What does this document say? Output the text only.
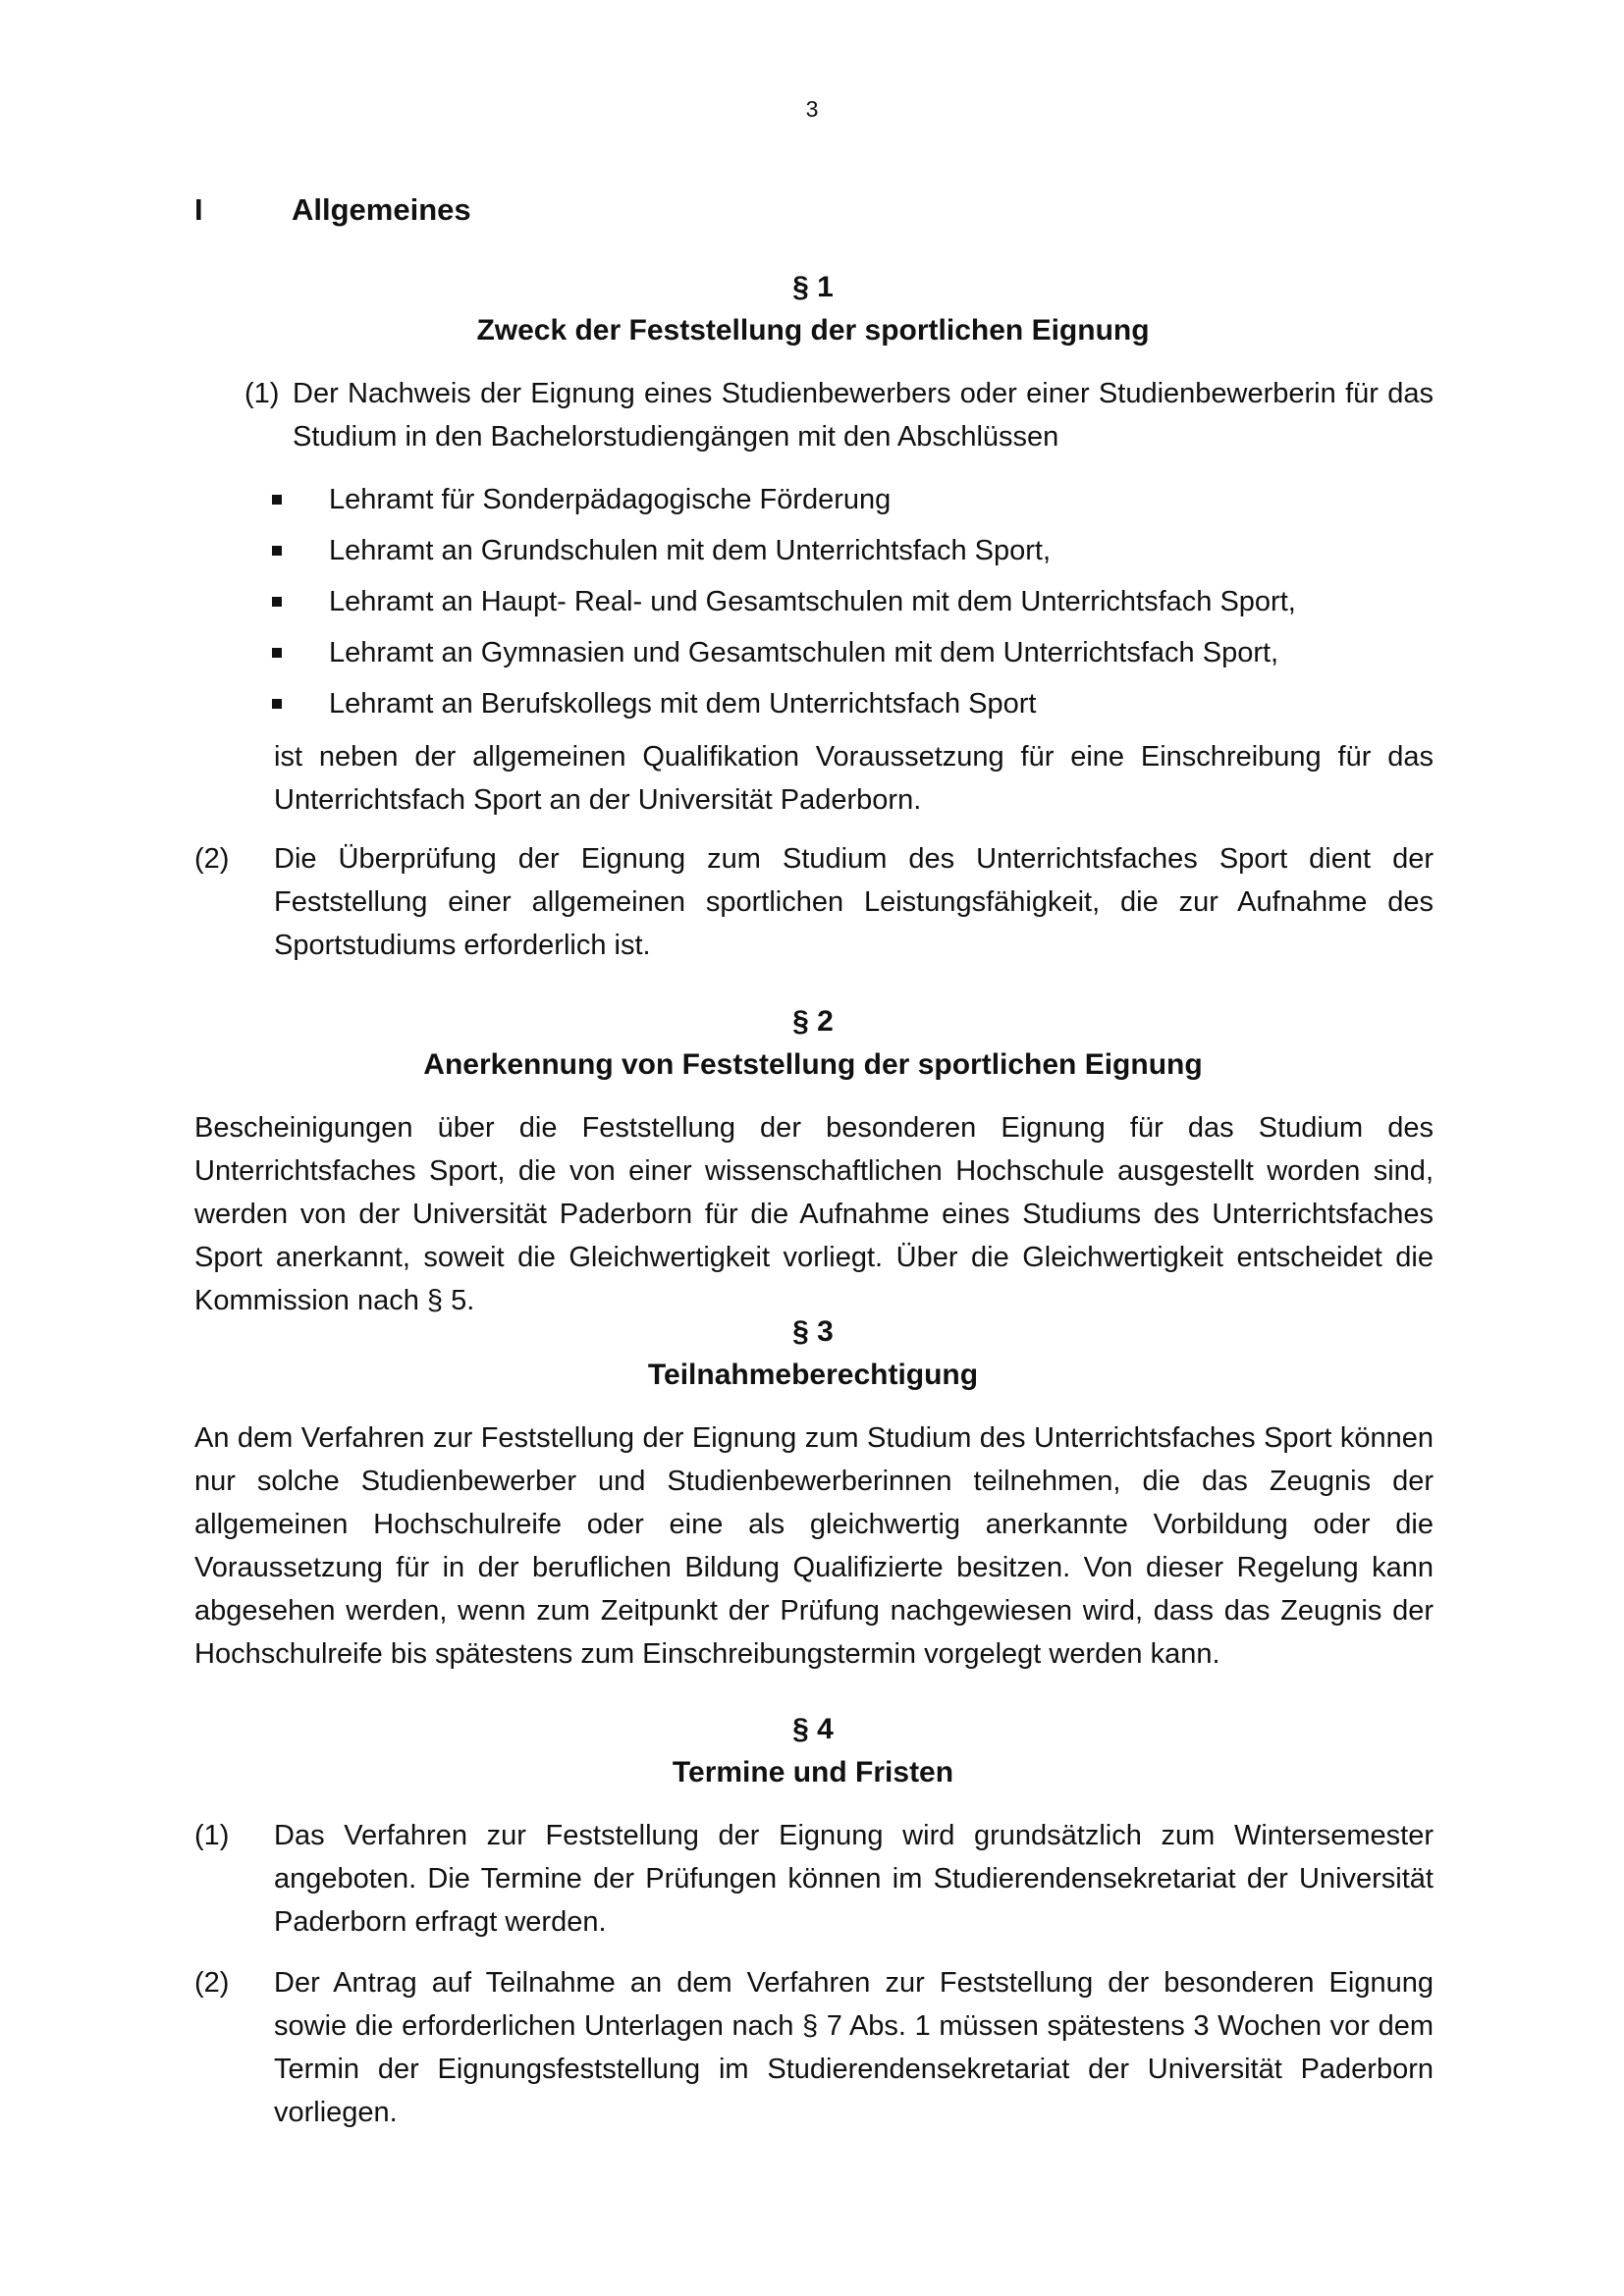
3
I	Allgemeines
§ 1
Zweck der Feststellung der sportlichen Eignung
(1) Der Nachweis der Eignung eines Studienbewerbers oder einer Studienbewerberin für das Studium in den Bachelorstudiengängen mit den Abschlüssen
Lehramt für Sonderpädagogische Förderung
Lehramt an Grundschulen mit dem Unterrichtsfach Sport,
Lehramt an Haupt- Real- und Gesamtschulen mit dem Unterrichtsfach Sport,
Lehramt an Gymnasien und Gesamtschulen mit dem Unterrichtsfach Sport,
Lehramt an Berufskollegs mit dem Unterrichtsfach Sport
ist neben der allgemeinen Qualifikation Voraussetzung für eine Einschreibung für das Unterrichtsfach Sport an der Universität Paderborn.
(2)	Die Überprüfung der Eignung zum Studium des Unterrichtsfaches Sport dient der Feststellung einer allgemeinen sportlichen Leistungsfähigkeit, die zur Aufnahme des Sportstudiums erforderlich ist.
§ 2
Anerkennung von Feststellung der sportlichen Eignung
Bescheinigungen über die Feststellung der besonderen Eignung für das Studium des Unterrichtsfaches Sport, die von einer wissenschaftlichen Hochschule ausgestellt worden sind, werden von der Universität Paderborn für die Aufnahme eines Studiums des Unterrichtsfaches Sport anerkannt, soweit die Gleichwertigkeit vorliegt. Über die Gleichwertigkeit entscheidet die Kommission nach § 5.
§ 3
Teilnahmeberechtigung
An dem Verfahren zur Feststellung der Eignung zum Studium des Unterrichtsfaches Sport können nur solche Studienbewerber und Studienbewerberinnen teilnehmen, die das Zeugnis der allgemeinen Hochschulreife oder eine als gleichwertig anerkannte Vorbildung oder die Voraussetzung für in der beruflichen Bildung Qualifizierte besitzen. Von dieser Regelung kann abgesehen werden, wenn zum Zeitpunkt der Prüfung nachgewiesen wird, dass das Zeugnis der Hochschulreife bis spätestens zum Einschreibungstermin vorgelegt werden kann.
§ 4
Termine und Fristen
(1)	Das Verfahren zur Feststellung der Eignung wird grundsätzlich zum Wintersemester angeboten. Die Termine der Prüfungen können im Studierendensekretariat der Universität Paderborn erfragt werden.
(2)	Der Antrag auf Teilnahme an dem Verfahren zur Feststellung der besonderen Eignung sowie die erforderlichen Unterlagen nach § 7 Abs. 1 müssen spätestens 3 Wochen vor dem Termin der Eignungsfeststellung im Studierendensekretariat der Universität Paderborn vorliegen.
